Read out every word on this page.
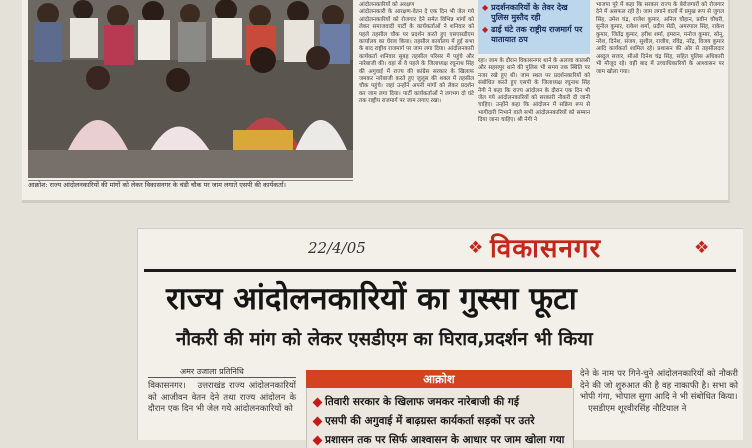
आक्रोश: राज्य आंदोलनकारियों की मांगों को लेकर विकासनगर के चंडी चौक पर जाम लगाते एसपी की कार्यकर्ता।
आंदोलनकारियों को अरक्षण
आंदोलनकारी के आरक्षण-वेतन दे एक दिन भी जेल गये आंदोलनकारियों को रोजगार देने समेत विभिन्न मांगों को लेकर समाजवादी पार्टी के कार्यकर्ताओं ने शनिवार को पहले तहसील चौक पर प्रदर्शन करते हुए एसएसडीएम कार्यालय का घेराव किया। तहसील कार्यालय में हुई सभा के बाद राष्ट्रीय राजमार्ग पर जाम लगा दिया। आंदोलनकारी कार्यकर्ता शनिवार सुबह तहसील परिसर में पहुंचे और नारेबाजी की। वहां से वे पहले के जिलाध्यक्ष रघुनाथ सिंह की अगुवाई में राज्य की कांग्रेस सरकार के खिलाफ जमकर नारेबाजी करते हुए जुलूस की शक्ल में तहसील चौक पहुंचे। जहां उन्होंने अपनी मांगों को लेकर प्रदर्शन कर जाम लगा दिया। पार्टी कार्यकर्ताओं ने लगभग दो घंटे तक राष्ट्रीय राजमार्ग पर जाम लगाए रखा।
◆ प्रदर्शनकारियों के तेवर देख पुलिस मुस्तैद रही
◆ ढाई घंटे तक राष्ट्रीय राजमार्ग पर यातायात ठप
रहा। जाम के दौरान विकासनगर थाने के अलावा कालसी और सहसपुर थाने की पुलिस भी समय तक स्थिति पर नजर रखे हुए थी। जाम स्थल पर प्रदर्शनकारियों को संबोधित करते हुए एसपी के जिलाध्यक्ष रघुनाथ सिंह नेगी ने कहा कि राज्य आंदोलन के दौरान एक दिन भी जेल गये आंदोलनकारियों को सरकारी नौकरी दी जानी चाहिए। उन्होंने कहा कि आंदोलन में सक्रिय रूप से भागीदारी निभाने वाले सभी आंदोलनकारियों को सम्मान दिया जाना चाहिए। श्री नेगी ने
भाजपा पूरे में कहा कि सरकार राज्य के बेरोजगारों को रोजगार देने में असफल रही है। जाम लगाने वालों में प्रमुख रूप से जुगल सिंह, उमेश चंद्र, राजेश कुमार, अनिल चौहान, प्रवीन चौधरी, सुनील कुमार, राकेश शर्मा, प्रदीप सेठी, अमरपाल सिंह, राकेश कुमार, जितेंद्र कुमार, हरीश शर्मा, इमरान, मनोज कुमार, सोनू, नरेश, दिनेश, संजय, सुशील, राजीव, रविंद्र, नरेंद्र, विजय कुमार आदि कार्यकर्ता शामिल रहे। प्रशासन की ओर से तहसीलदार अब्दुल सत्तार, सीओ दिनेश चंद्र सिंह, सहित पुलिस अधिकारी भी मौजूद रहे। वहीं बाद में उच्चाधिकारियों के आश्वासन पर जाम खोला गया।
22/4/05	❖ विकासनगर	❖
राज्य आंदोलनकारियों का गुस्सा फूटा
नौकरी की मांग को लेकर एसडीएम का घिराव,प्रदर्शन भी किया
अमर उजाला प्रतिनिधि
विकासनगर।   उत्तराखंड राज्य आंदोलनकारियों को आजीवन वेतन देने तथा राज्य आंदोलन के दौरान एक दिन भी जेल गये आंदोलनकारियों को
आक्रोश
तिवारी सरकार के खिलाफ जमकर नारेबाजी की गई
एसपी की अगुवाई में बाढ़ग्रस्त कार्यकर्ता सड़कों पर उतरे
प्रशासन तक पर सिर्फ आश्वासन के आधार पर जाम खोला गया
देने के नाम पर गिने-चुने आंदोलनकारियों को नौकरी देने की जो शुरुआत की है वह नाकाफी है। सभा को भोपी गंगा, भोपाल सुगा आदि ने भी संबोधित किया।
एसडीएम शूरवीरसिंह नौटियाल ने
